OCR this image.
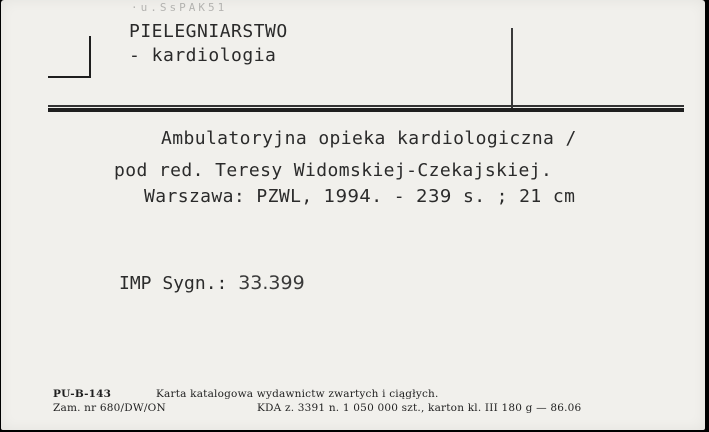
·u.SsPAK51
PIELEGNIARSTWO
- kardiologia
Ambulatoryjna opieka kardiologiczna /
pod red. Teresy Widomskiej-Czekajskiej.
Warszawa: PZWL, 1994. - 239 s. ; 21 cm
IMP Sygn.: 33.399
PU-B-143	Karta katalogowa wydawnictw zwartych i ciągłych.
Zam. nr 680/DW/ON	KDA z. 3391 n. 1 050 000 szt., karton kl. III 180 g — 86.06
